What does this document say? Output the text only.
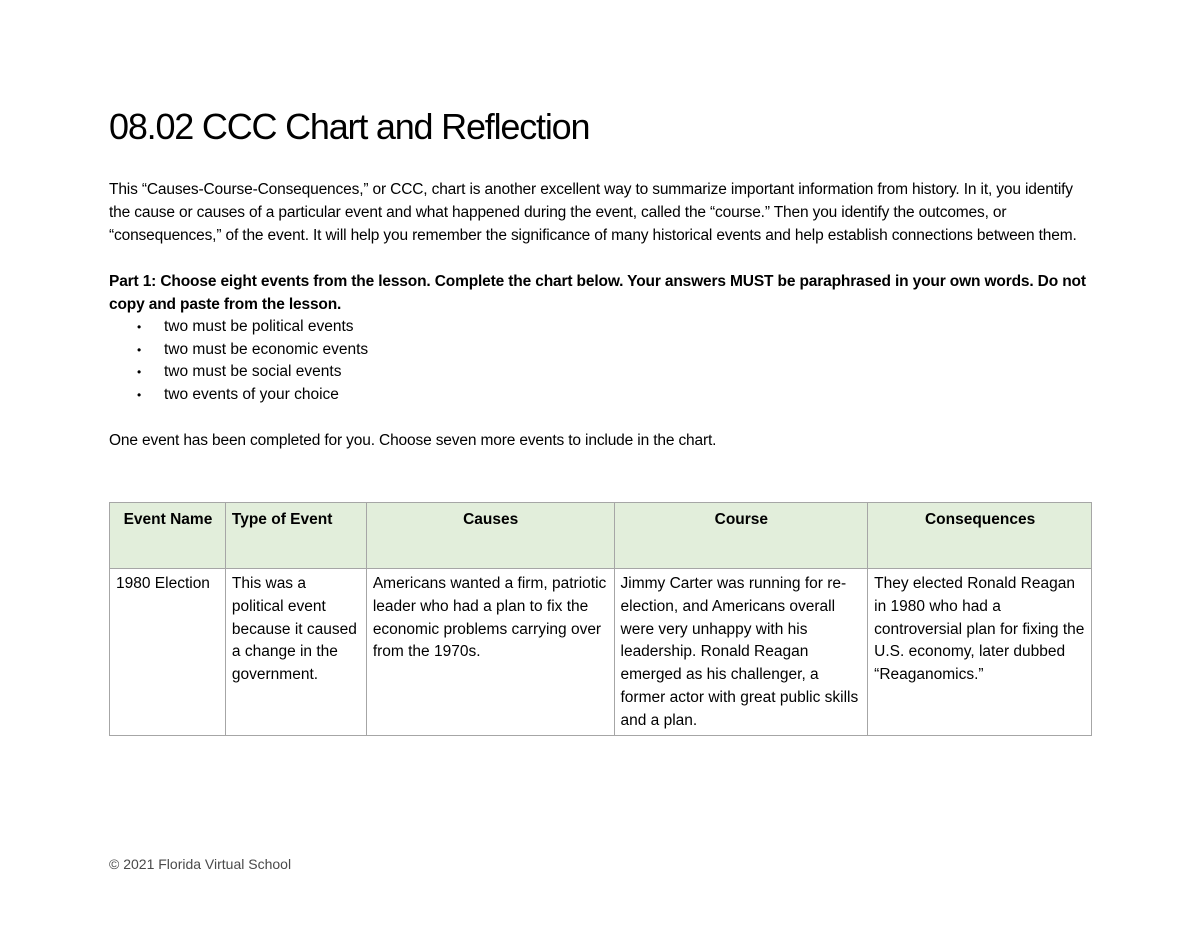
08.02 CCC Chart and Reflection

This “Causes-Course-Consequences,” or CCC, chart is another excellent way to summarize important information from history. In it, you identify the cause or causes of a particular event and what happened during the event, called the “course.” Then you identify the outcomes, or “consequences,” of the event. It will help you remember the significance of many historical events and help establish connections between them.

Part 1: Choose eight events from the lesson. Complete the chart below. Your answers MUST be paraphrased in your own words. Do not copy and paste from the lesson.

• two must be political events
• two must be economic events
• two must be social events
• two events of your choice

One event has been completed for you. Choose seven more events to include in the chart.

Event Name	Type of Event	Causes	Course	Consequences
1980 Election	This was a political event because it caused a change in the government.	Americans wanted a firm, patriotic leader who had a plan to fix the economic problems carrying over from the 1970s.	Jimmy Carter was running for re-election, and Americans overall were very unhappy with his leadership. Ronald Reagan emerged as his challenger, a former actor with great public skills and a plan.	They elected Ronald Reagan in 1980 who had a controversial plan for fixing the U.S. economy, later dubbed “Reaganomics.”
© 2021 Florida Virtual School
